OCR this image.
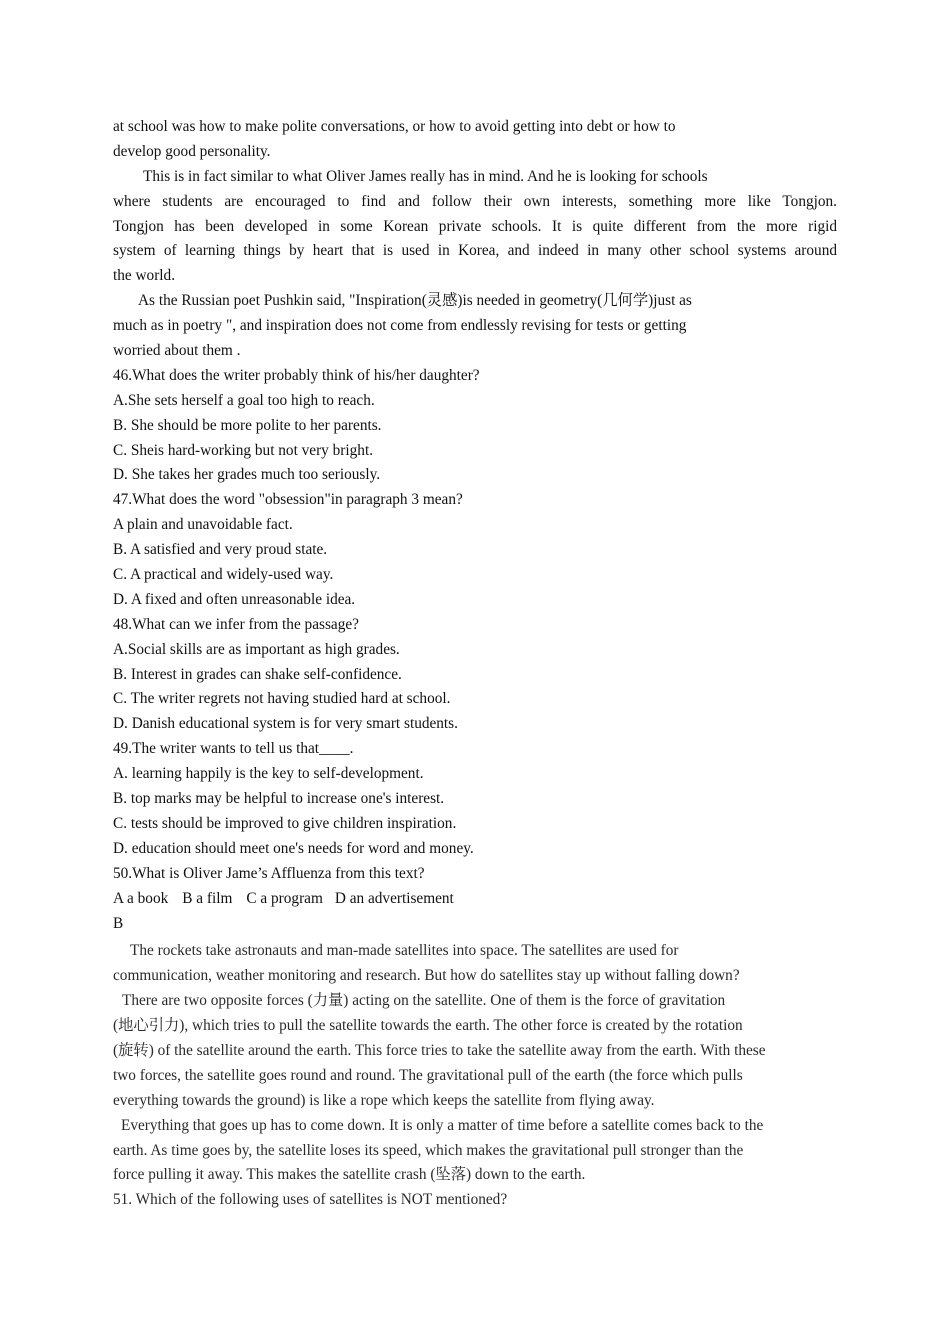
at school was how to make polite conversations, or how to avoid getting into debt or how to
develop good personality.
This is in fact similar to what Oliver James really has in mind. And he is looking for schools
where students are encouraged to find and follow their own interests, something more like Tongjon.
Tongjon has been developed in some Korean private schools. It is quite different from the more rigid
system of learning things by heart that is used in Korea, and indeed in many other school systems around
the world.
As the Russian poet Pushkin said, "Inspiration(灵感)is needed in geometry(几何学)just as
much as in poetry ", and inspiration does not come from endlessly revising for tests or getting
worried about them .
46.What does the writer probably think of his/her daughter?
A.She sets herself a goal too high to reach.
B. She should be more polite to her parents.
C. Sheis hard-working but not very bright.
D. She takes her grades much too seriously.
47.What does the word "obsession"in paragraph 3 mean?
A plain and unavoidable fact.
B. A satisfied and very proud state.
C. A practical and widely-used way.
D. A fixed and often unreasonable idea.
48.What can we infer from the passage?
A.Social skills are as important as high grades.
B. Interest in grades can shake self-confidence.
C. The writer regrets not having studied hard at school.
D. Danish educational system is for very smart students.
49.The writer wants to tell us that____.
A. learning happily is the key to self-development.
B. top marks may be helpful to increase one's interest.
C. tests should be improved to give children inspiration.
D. education should meet one's needs for word and money.
50.What is Oliver Jame’s Affluenza from this text?
A a book B a film C a program D an advertisement
B
The rockets take astronauts and man-made satellites into space. The satellites are used for
communication, weather monitoring and research. But how do satellites stay up without falling down?
There are two opposite forces (力量) acting on the satellite. One of them is the force of gravitation
(地心引力), which tries to pull the satellite towards the earth. The other force is created by the rotation
(旋转) of the satellite around the earth. This force tries to take the satellite away from the earth. With these
two forces, the satellite goes round and round. The gravitational pull of the earth (the force which pulls
everything towards the ground) is like a rope which keeps the satellite from flying away.
Everything that goes up has to come down. It is only a matter of time before a satellite comes back to the
earth. As time goes by, the satellite loses its speed, which makes the gravitational pull stronger than the
force pulling it away. This makes the satellite crash (坠落) down to the earth.
51. Which of the following uses of satellites is NOT mentioned?
